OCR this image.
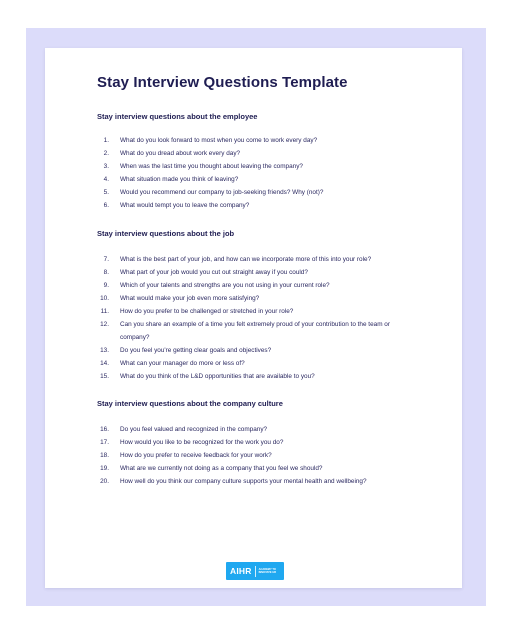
Stay Interview Questions Template
Stay interview questions about the employee
1. What do you look forward to most when you come to work every day?
2. What do you dread about work every day?
3. When was the last time you thought about leaving the company?
4. What situation made you think of leaving?
5. Would you recommend our company to job-seeking friends? Why (not)?
6. What would tempt you to leave the company?
Stay interview questions about the job
7. What is the best part of your job, and how can we incorporate more of this into your role?
8. What part of your job would you cut out straight away if you could?
9. Which of your talents and strengths are you not using in your current role?
10. What would make your job even more satisfying?
11. How do you prefer to be challenged or stretched in your role?
12. Can you share an example of a time you felt extremely proud of your contribution to the team or company?
13. Do you feel you're getting clear goals and objectives?
14. What can your manager do more or less of?
15. What do you think of the L&D opportunities that are available to you?
Stay interview questions about the company culture
16. Do you feel valued and recognized in the company?
17. How would you like to be recognized for the work you do?
18. How do you prefer to receive feedback for your work?
19. What are we currently not doing as a company that you feel we should?
20. How well do you think our company culture supports your mental health and wellbeing?
AIHR	ACADEMY TO
INNOVATE HR
